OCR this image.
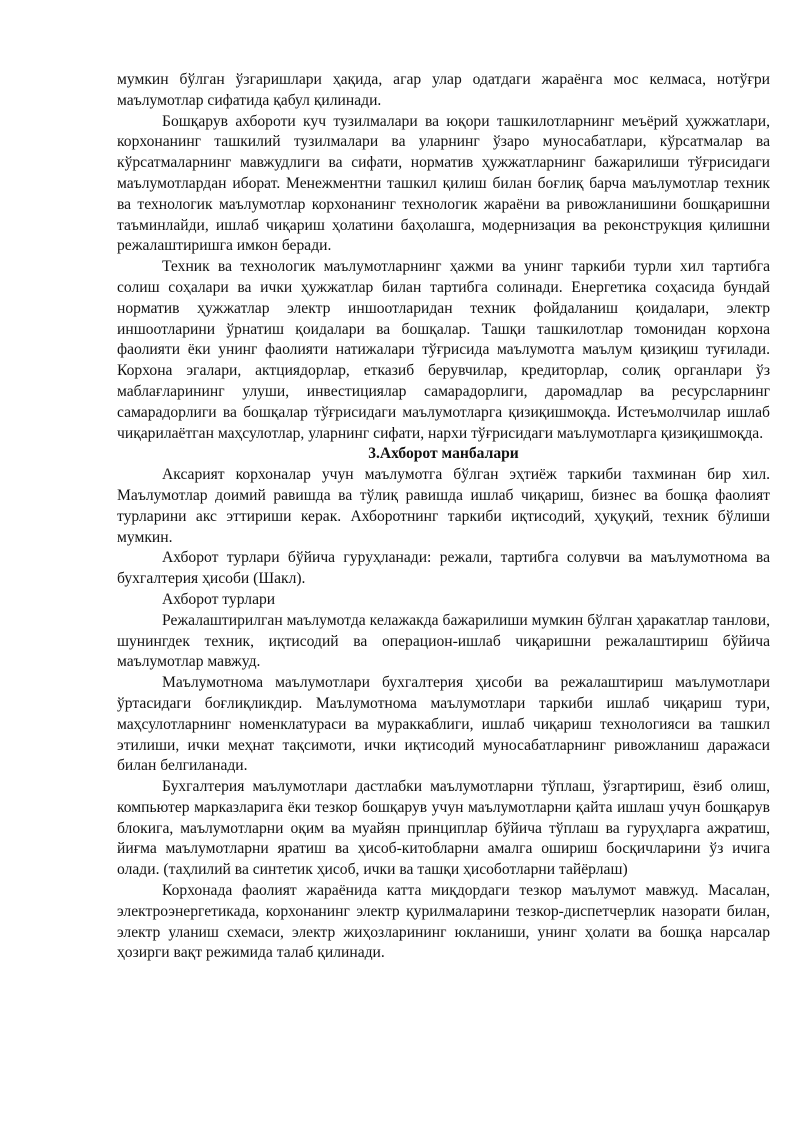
мумкин бўлган ўзгаришлари ҳақида, агар улар одатдаги жараёнга мос келмаса, нотўғри маълумотлар сифатида қабул қилинади.

Бошқарув ахбороти куч тузилмалари ва юқори ташкилотларнинг меъёрий ҳужжатлари, корхонанинг ташкилий тузилмалари ва уларнинг ўзаро муносабатлари, кўрсатмалар ва кўрсатмаларнинг мавжудлиги ва сифати, норматив ҳужжатларнинг бажарилиши тўғрисидаги маълумотлардан иборат. Менежментни ташкил қилиш билан боғлиқ барча маълумотлар техник ва технологик маълумотлар корхонанинг технологик жараёни ва ривожланишини бошқаришни таъминлайди, ишлаб чиқариш ҳолатини баҳолашга, модернизация ва реконструкция қилишни режалаштиришга имкон беради.

Техник ва технологик маълумотларнинг ҳажми ва унинг таркиби турли хил тартибга солиш соҳалари ва ички ҳужжатлар билан тартибга солинади. Енергетика соҳасида бундай норматив ҳужжатлар электр иншоотларидан техник фойдаланиш қоидалари, электр иншоотларини ўрнатиш қоидалари ва бошқалар. Ташқи ташкилотлар томонидан корхона фаолияти ёки унинг фаолияти натижалари тўғрисида маълумотга маълум қизиқиш туғилади. Корхона эгалари, актциядорлар, етказиб берувчилар, кредиторлар, солиқ органлари ўз маблағларининг улуши, инвестициялар самарадорлиги, даромадлар ва ресурсларнинг самарадорлиги ва бошқалар тўғрисидаги маълумотларга қизиқишмоқда. Истеъмолчилар ишлаб чиқарилаётган маҳсулотлар, уларнинг сифати, нархи тўғрисидаги маълумотларга қизиқишмоқда.

3.Ахборот манбалари

Аксарият корхоналар учун маълумотга бўлган эҳтиёж таркиби тахминан бир хил. Маълумотлар доимий равишда ва тўлиқ равишда ишлаб чиқариш, бизнес ва бошқа фаолият турларини акс эттириши керак. Ахборотнинг таркиби иқтисодий, ҳуқуқий, техник бўлиши мумкин.

Ахборот турлари бўйича гуруҳланади: режали, тартибга солувчи ва маълумотнома ва бухгалтерия ҳисоби (Шакл).

Ахборот турлари

Режалаштирилган маълумотда келажакда бажарилиши мумкин бўлган ҳаракатлар танлови, шунингдек техник, иқтисодий ва операцион-ишлаб чиқаришни режалаштириш бўйича маълумотлар мавжуд.

Маълумотнома маълумотлари бухгалтерия ҳисоби ва режалаштириш маълумотлари ўртасидаги боғлиқликдир. Маълумотнома маълумотлари таркиби ишлаб чиқариш тури, маҳсулотларнинг номенклатураси ва мураккаблиги, ишлаб чиқариш технологияси ва ташкил этилиши, ички меҳнат тақсимоти, ички иқтисодий муносабатларнинг ривожланиш даражаси билан белгиланади.

Бухгалтерия маълумотлари дастлабки маълумотларни тўплаш, ўзгартириш, ёзиб олиш, компьютер марказларига ёки тезкор бошқарув учун маълумотларни қайта ишлаш учун бошқарув блокига, маълумотларни оқим ва муайян принциплар бўйича тўплаш ва гуруҳларга ажратиш, йиғма маълумотларни яратиш ва ҳисоб-китобларни амалга ошириш босқичларини ўз ичига олади. (таҳлилий ва синтетик ҳисоб, ички ва ташқи ҳисоботларни тайёрлаш)

Корхонада фаолият жараёнида катта миқдордаги тезкор маълумот мавжуд. Масалан, электроэнергетикада, корхонанинг электр қурилмаларини тезкор-диспетчерлик назорати билан, электр уланиш схемаси, электр жиҳозларининг юкланиши, унинг ҳолати ва бошқа нарсалар ҳозирги вақт режимида талаб қилинади.
